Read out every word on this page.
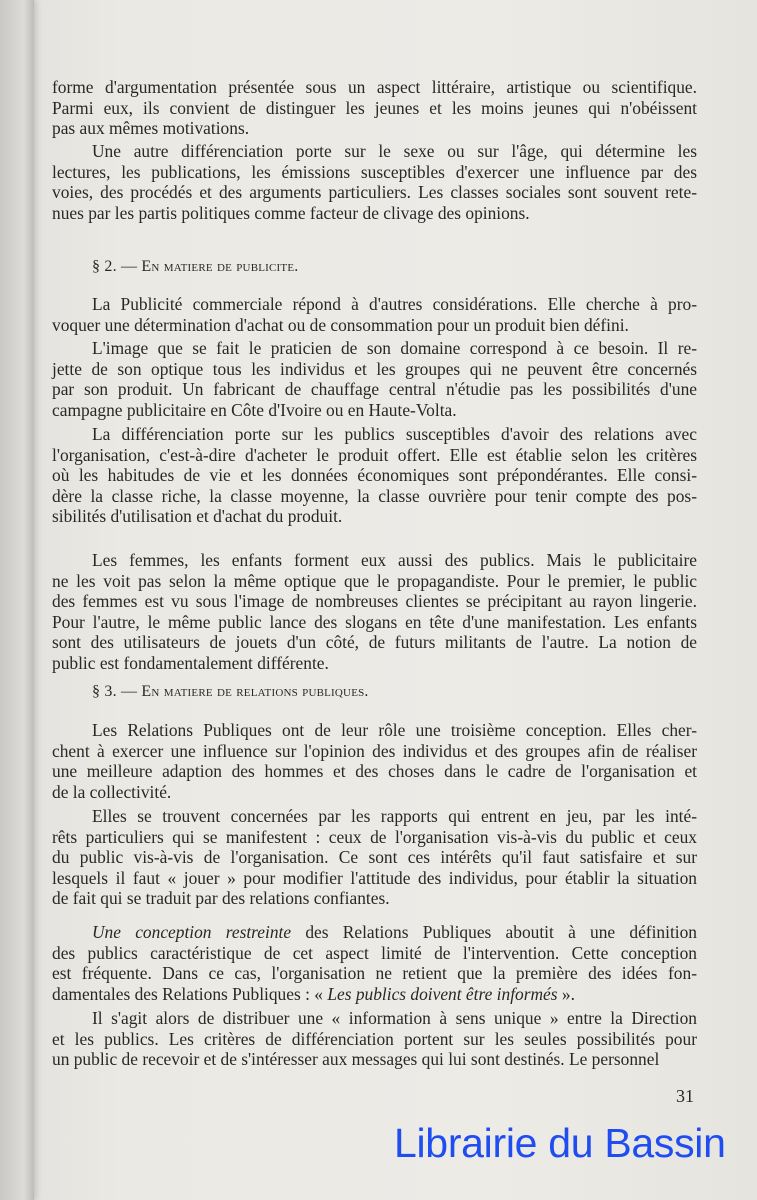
forme d'argumentation présentée sous un aspect littéraire, artistique ou scientifique.
Parmi eux, ils convient de distinguer les jeunes et les moins jeunes qui n'obéissent
pas aux mêmes motivations.
Une autre différenciation porte sur le sexe ou sur l'âge, qui détermine les
lectures, les publications, les émissions susceptibles d'exercer une influence par des
voies, des procédés et des arguments particuliers. Les classes sociales sont souvent rete-
nues par les partis politiques comme facteur de clivage des opinions.
La Publicité commerciale répond à d'autres considérations. Elle cherche à pro-
voquer une détermination d'achat ou de consommation pour un produit bien défini.
L'image que se fait le praticien de son domaine correspond à ce besoin. Il re-
jette de son optique tous les individus et les groupes qui ne peuvent être concernés
par son produit. Un fabricant de chauffage central n'étudie pas les possibilités d'une
campagne publicitaire en Côte d'Ivoire ou en Haute-Volta.
La différenciation porte sur les publics susceptibles d'avoir des relations avec
l'organisation, c'est-à-dire d'acheter le produit offert. Elle est établie selon les critères
où les habitudes de vie et les données économiques sont prépondérantes. Elle consi-
dère la classe riche, la classe moyenne, la classe ouvrière pour tenir compte des pos-
sibilités d'utilisation et d'achat du produit.
Les femmes, les enfants forment eux aussi des publics. Mais le publicitaire
ne les voit pas selon la même optique que le propagandiste. Pour le premier, le public
des femmes est vu sous l'image de nombreuses clientes se précipitant au rayon lingerie.
Pour l'autre, le même public lance des slogans en tête d'une manifestation. Les enfants
sont des utilisateurs de jouets d'un côté, de futurs militants de l'autre. La notion de
public est fondamentalement différente.
Les Relations Publiques ont de leur rôle une troisième conception. Elles cher-
chent à exercer une influence sur l'opinion des individus et des groupes afin de réaliser
une meilleure adaption des hommes et des choses dans le cadre de l'organisation et
de la collectivité.
Elles se trouvent concernées par les rapports qui entrent en jeu, par les inté-
rêts particuliers qui se manifestent : ceux de l'organisation vis-à-vis du public et ceux
du public vis-à-vis de l'organisation. Ce sont ces intérêts qu'il faut satisfaire et sur
lesquels il faut « jouer » pour modifier l'attitude des individus, pour établir la situation
de fait qui se traduit par des relations confiantes.
Une conception restreinte des Relations Publiques aboutit à une définition
des publics caractéristique de cet aspect limité de l'intervention. Cette conception
est fréquente. Dans ce cas, l'organisation ne retient que la première des idées fon-
damentales des Relations Publiques : « Les publics doivent être informés ».
Il s'agit alors de distribuer une « information à sens unique » entre la Direction
et les publics. Les critères de différenciation portent sur les seules possibilités pour
un public de recevoir et de s'intéresser aux messages qui lui sont destinés. Le personnel
§ 2. — En matiere de publicite.
§ 3. — En matiere de relations publiques.
31
Librairie du Bassin
